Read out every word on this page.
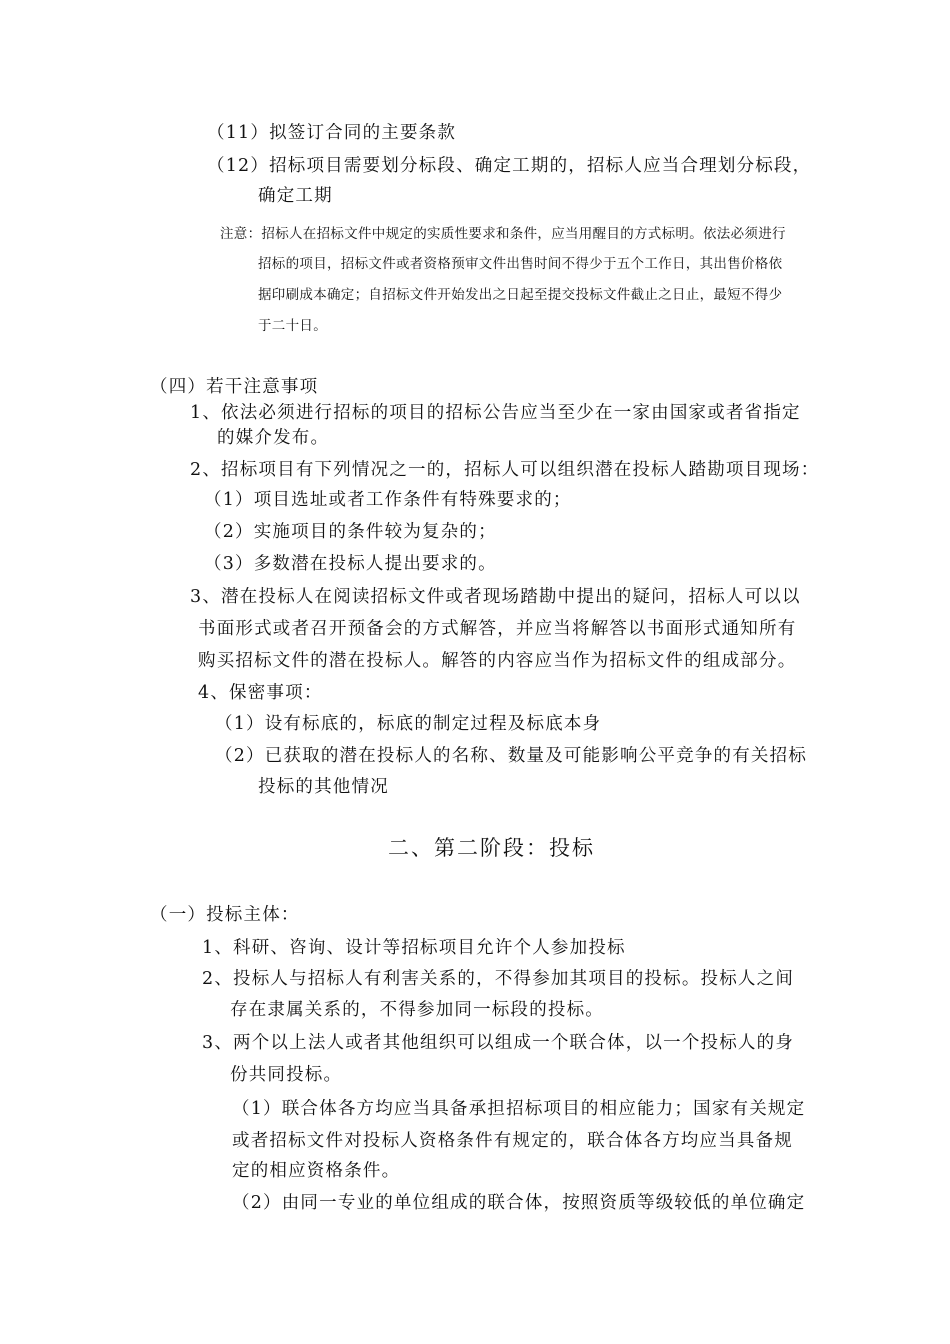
（11）拟签订合同的主要条款
（12）招标项目需要划分标段、确定工期的，招标人应当合理划分标段，
确定工期
注意：招标人在招标文件中规定的实质性要求和条件，应当用醒目的方式标明。依法必须进行
招标的项目，招标文件或者资格预审文件出售时间不得少于五个工作日，其出售价格依
据印刷成本确定；自招标文件开始发出之日起至提交投标文件截止之日止，最短不得少
于二十日。
（四）若干注意事项
1、依法必须进行招标的项目的招标公告应当至少在一家由国家或者省指定
的媒介发布。
2、招标项目有下列情况之一的，招标人可以组织潜在投标人踏勘项目现场：
（1）项目选址或者工作条件有特殊要求的；
（2）实施项目的条件较为复杂的；
（3）多数潜在投标人提出要求的。
3、潜在投标人在阅读招标文件或者现场踏勘中提出的疑问，招标人可以以
书面形式或者召开预备会的方式解答，并应当将解答以书面形式通知所有
购买招标文件的潜在投标人。解答的内容应当作为招标文件的组成部分。
4、保密事项：
（1）设有标底的，标底的制定过程及标底本身
（2）已获取的潜在投标人的名称、数量及可能影响公平竞争的有关招标
投标的其他情况
二、第二阶段：投标
（一）投标主体：
1、科研、咨询、设计等招标项目允许个人参加投标
2、投标人与招标人有利害关系的，不得参加其项目的投标。投标人之间
存在隶属关系的，不得参加同一标段的投标。
3、两个以上法人或者其他组织可以组成一个联合体，以一个投标人的身
份共同投标。
（1）联合体各方均应当具备承担招标项目的相应能力；国家有关规定
或者招标文件对投标人资格条件有规定的，联合体各方均应当具备规
定的相应资格条件。
（2）由同一专业的单位组成的联合体，按照资质等级较低的单位确定
